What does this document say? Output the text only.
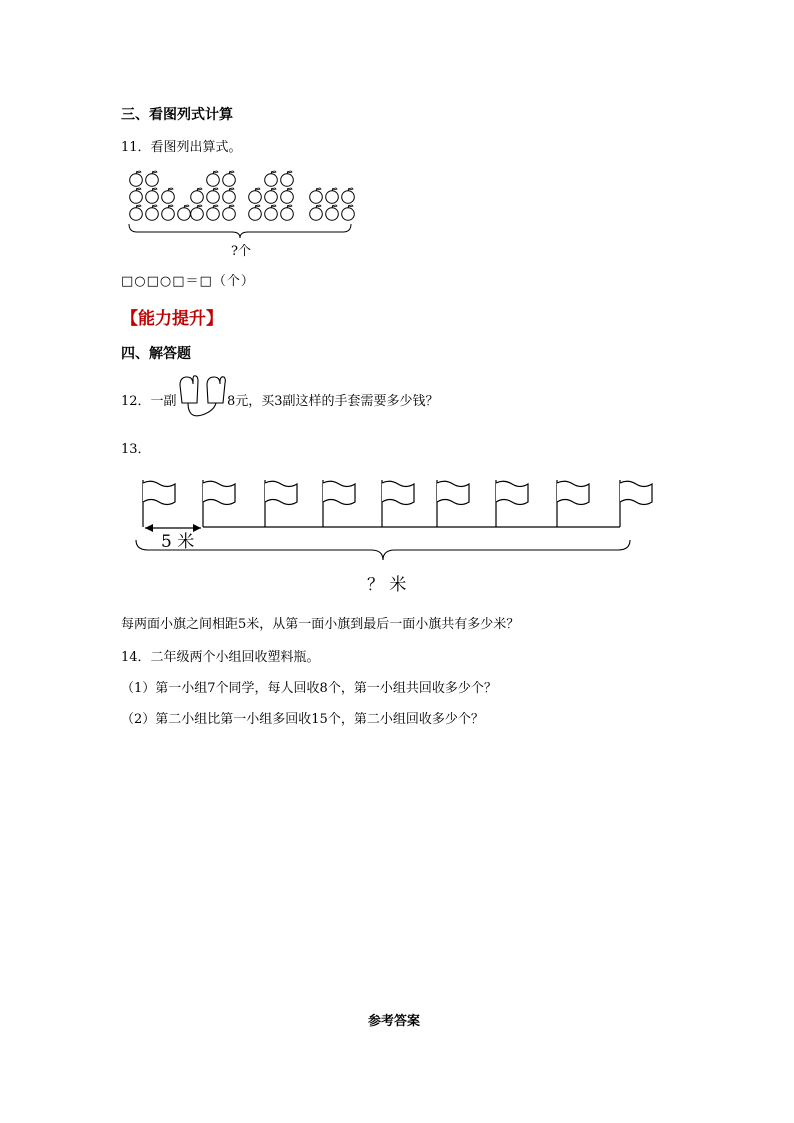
三、看图列式计算
11．看图列出算式。
?个
□○□○□＝□（个）
【能力提升】
四、解答题
12．一副	8元，买3副这样的手套需要多少钱？
13．
5 米
？ 米
每两面小旗之间相距5米，从第一面小旗到最后一面小旗共有多少米？
14．二年级两个小组回收塑料瓶。
（1）第一小组7个同学，每人回收8个，第一小组共回收多少个？
（2）第二小组比第一小组多回收15个，第二小组回收多少个？
参考答案
